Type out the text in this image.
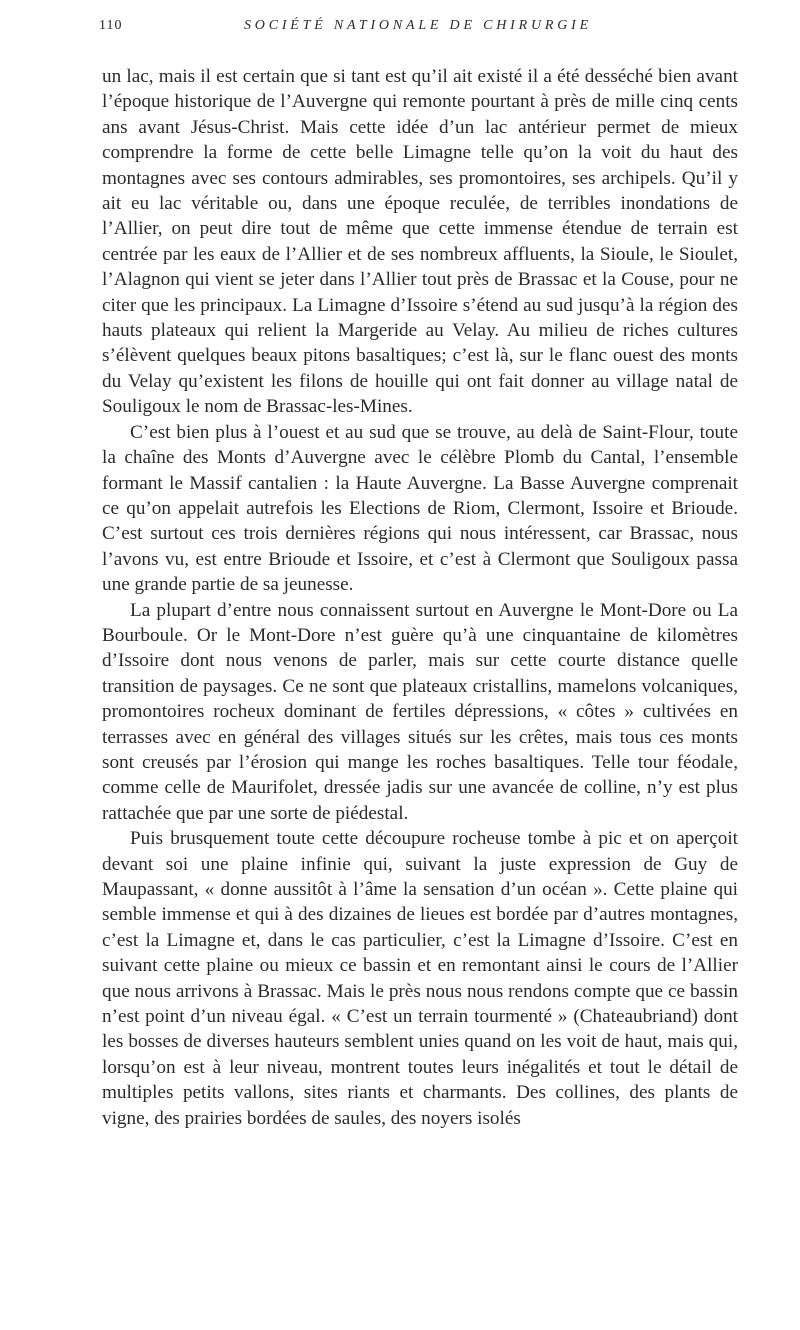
110	SOCIÉTÉ NATIONALE DE CHIRURGIE

un lac, mais il est certain que si tant est qu’il ait existé il a été desséché bien avant l’époque historique de l’Auvergne qui remonte pourtant à près de mille cinq cents ans avant Jésus-Christ. Mais cette idée d’un lac antérieur permet de mieux comprendre la forme de cette belle Limagne telle qu’on la voit du haut des montagnes avec ses contours admirables, ses promontoires, ses archipels. Qu’il y ait eu lac véritable ou, dans une époque reculée, de terribles inondations de l’Allier, on peut dire tout de même que cette immense étendue de terrain est centrée par les eaux de l’Allier et de ses nombreux affluents, la Sioule, le Sioulet, l’Alagnon qui vient se jeter dans l’Allier tout près de Brassac et la Couse, pour ne citer que les principaux. La Limagne d’Issoire s’étend au sud jusqu’à la région des hauts plateaux qui relient la Margeride au Velay. Au milieu de riches cultures s’élèvent quelques beaux pitons basaltiques; c’est là, sur le flanc ouest des monts du Velay qu’existent les filons de houille qui ont fait donner au village natal de Souligoux le nom de Brassac-les-Mines.

C’est bien plus à l’ouest et au sud que se trouve, au delà de Saint-Flour, toute la chaîne des Monts d’Auvergne avec le célèbre Plomb du Cantal, l’ensemble formant le Massif cantalien : la Haute Auvergne. La Basse Auvergne comprenait ce qu’on appelait autrefois les Elections de Riom, Clermont, Issoire et Brioude. C’est surtout ces trois dernières régions qui nous intéressent, car Brassac, nous l’avons vu, est entre Brioude et Issoire, et c’est à Clermont que Souligoux passa une grande partie de sa jeunesse.

La plupart d’entre nous connaissent surtout en Auvergne le Mont-Dore ou La Bourboule. Or le Mont-Dore n’est guère qu’à une cinquantaine de kilomètres d’Issoire dont nous venons de parler, mais sur cette courte distance quelle transition de paysages. Ce ne sont que plateaux cristallins, mamelons volcaniques, promontoires rocheux dominant de fertiles dépressions, « côtes » cultivées en terrasses avec en général des villages situés sur les crêtes, mais tous ces monts sont creusés par l’érosion qui mange les roches basaltiques. Telle tour féodale, comme celle de Maurifolet, dressée jadis sur une avancée de colline, n’y est plus rattachée que par une sorte de piédestal.

Puis brusquement toute cette découpure rocheuse tombe à pic et on aperçoit devant soi une plaine infinie qui, suivant la juste expression de Guy de Maupassant, « donne aussitôt à l’âme la sensation d’un océan ». Cette plaine qui semble immense et qui à des dizaines de lieues est bordée par d’autres montagnes, c’est la Limagne et, dans le cas particulier, c’est la Limagne d’Issoire. C’est en suivant cette plaine ou mieux ce bassin et en remontant ainsi le cours de l’Allier que nous arrivons à Brassac. Mais le près nous nous rendons compte que ce bassin n’est point d’un niveau égal. « C’est un terrain tourmenté » (Chateaubriand) dont les bosses de diverses hauteurs semblent unies quand on les voit de haut, mais qui, lorsqu’on est à leur niveau, montrent toutes leurs inégalités et tout le détail de multiples petits vallons, sites riants et charmants. Des collines, des plants de vigne, des prairies bordées de saules, des noyers isolés
